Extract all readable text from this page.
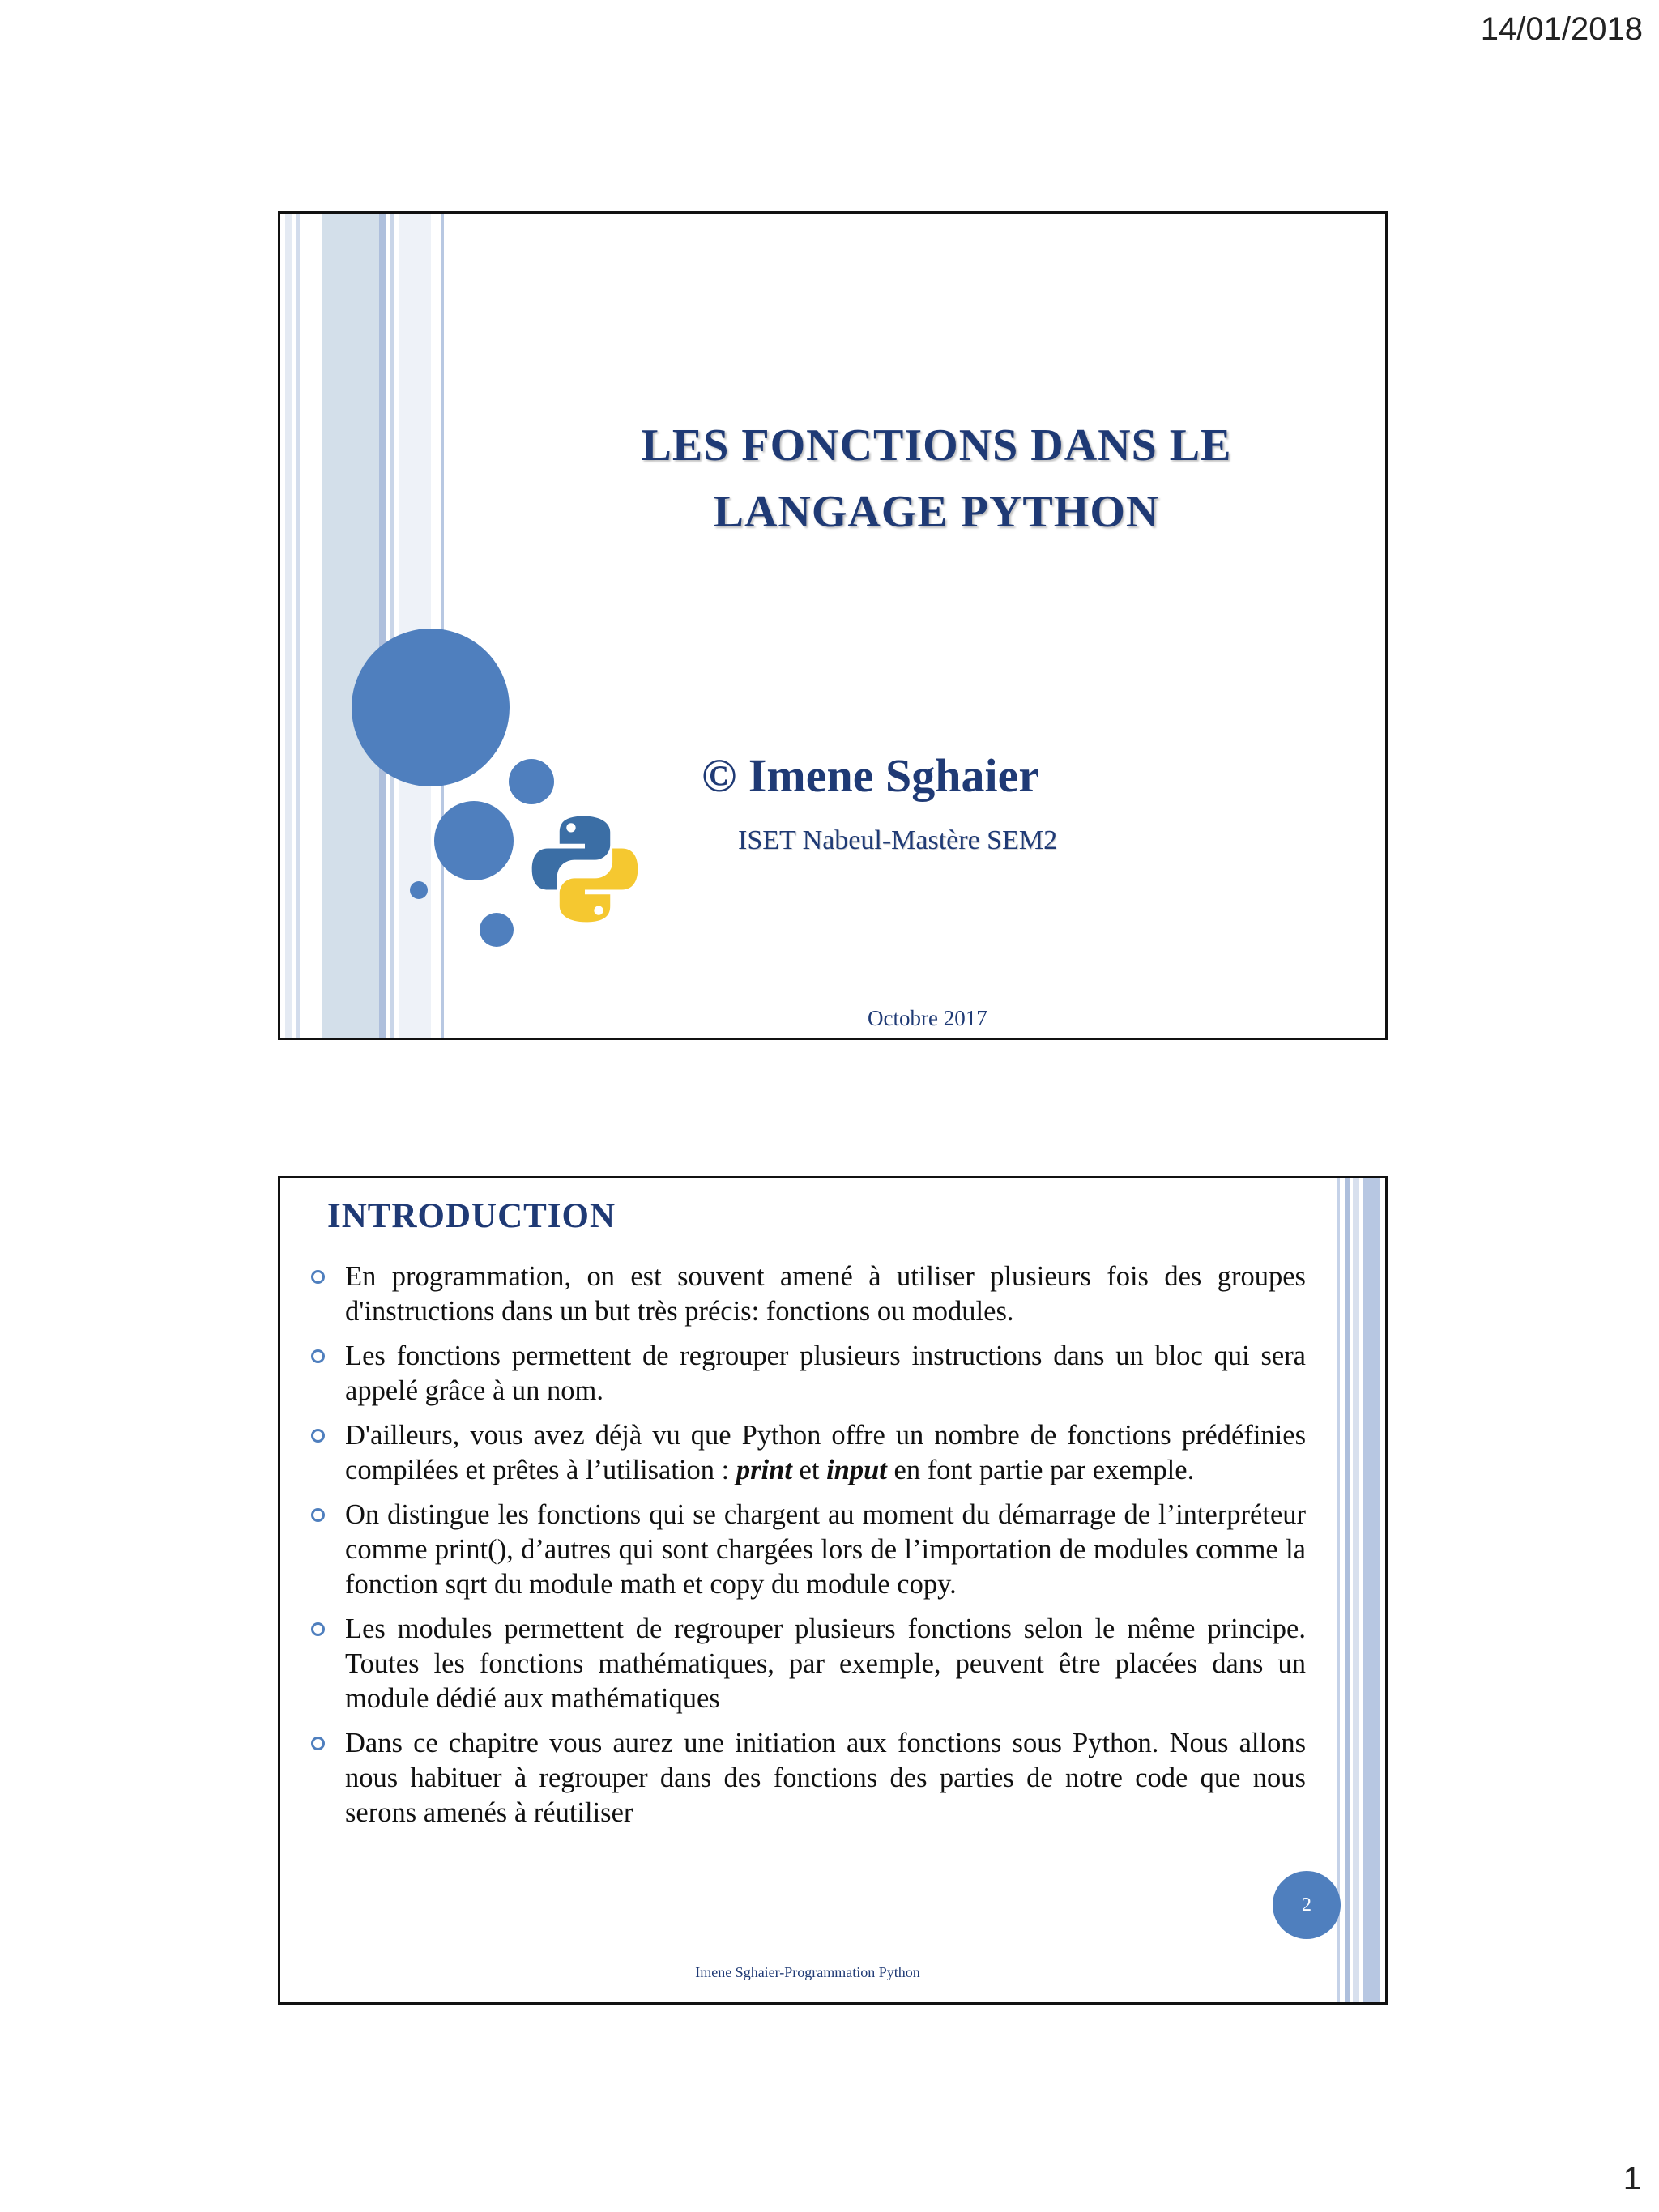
14/01/2018
LES FONCTIONS DANS LE
LANGAGE PYTHON
© Imene Sghaier
ISET Nabeul-Mastère SEM2
Octobre 2017
INTRODUCTION
En programmation, on est souvent amené à utiliser plusieurs fois des groupes d'instructions dans un but très précis: fonctions ou modules.
Les fonctions permettent de regrouper plusieurs instructions dans un bloc qui sera appelé grâce à un nom.
D'ailleurs, vous avez déjà vu que Python offre un nombre de fonctions prédéfinies compilées et prêtes à l’utilisation : print et input en font partie par exemple.
On distingue les fonctions qui se chargent au moment du démarrage de l’interpréteur comme print(), d’autres qui sont chargées lors de l’importation de modules comme la fonction sqrt du module math et copy du module copy.
Les modules permettent de regrouper plusieurs fonctions selon le même principe. Toutes les fonctions mathématiques, par exemple, peuvent être placées dans un module dédié aux mathématiques
Dans ce chapitre vous aurez une initiation aux fonctions sous Python. Nous allons nous habituer à regrouper dans des fonctions des parties de notre code que nous serons amenés à réutiliser
2
Imene Sghaier-Programmation Python
1
